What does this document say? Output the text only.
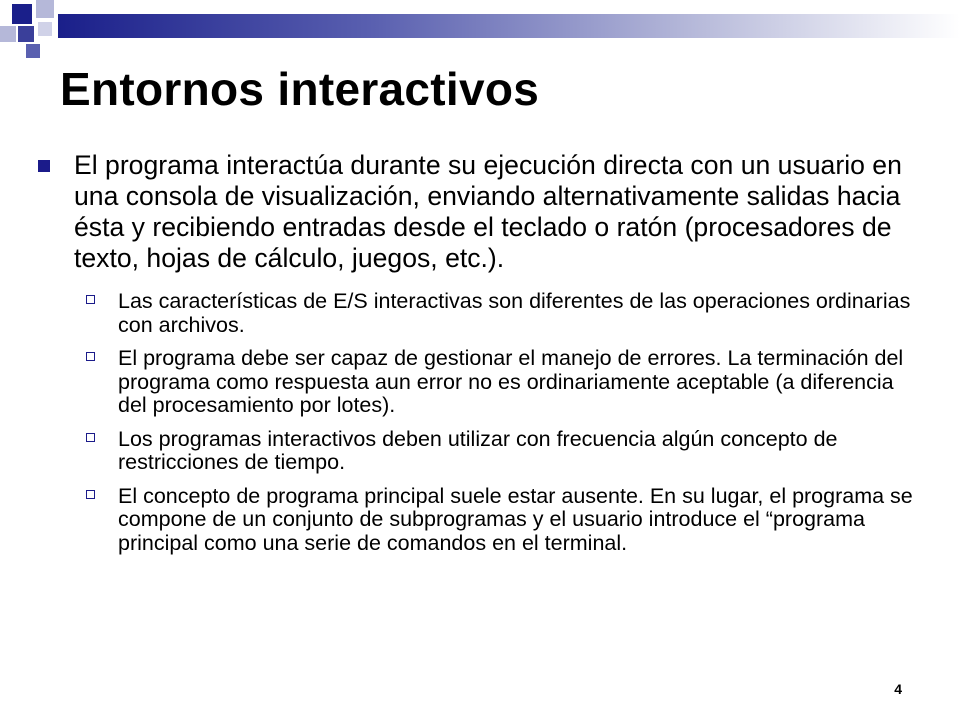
Entornos interactivos
El programa interactúa durante su ejecución directa con un usuario en una consola de visualización, enviando alternativamente salidas hacia ésta y recibiendo entradas desde el teclado o ratón (procesadores de texto, hojas de cálculo, juegos, etc.).
Las características de E/S interactivas son diferentes de las operaciones ordinarias con archivos.
El programa debe ser capaz de gestionar el manejo de errores. La terminación del programa como respuesta aun error no es ordinariamente aceptable (a diferencia del procesamiento por lotes).
Los programas interactivos deben utilizar con frecuencia algún concepto de restricciones de tiempo.
El concepto de programa principal suele estar ausente. En su lugar, el programa se compone de un conjunto de subprogramas y el usuario introduce el “programa principal como una serie de comandos en el terminal.
4
